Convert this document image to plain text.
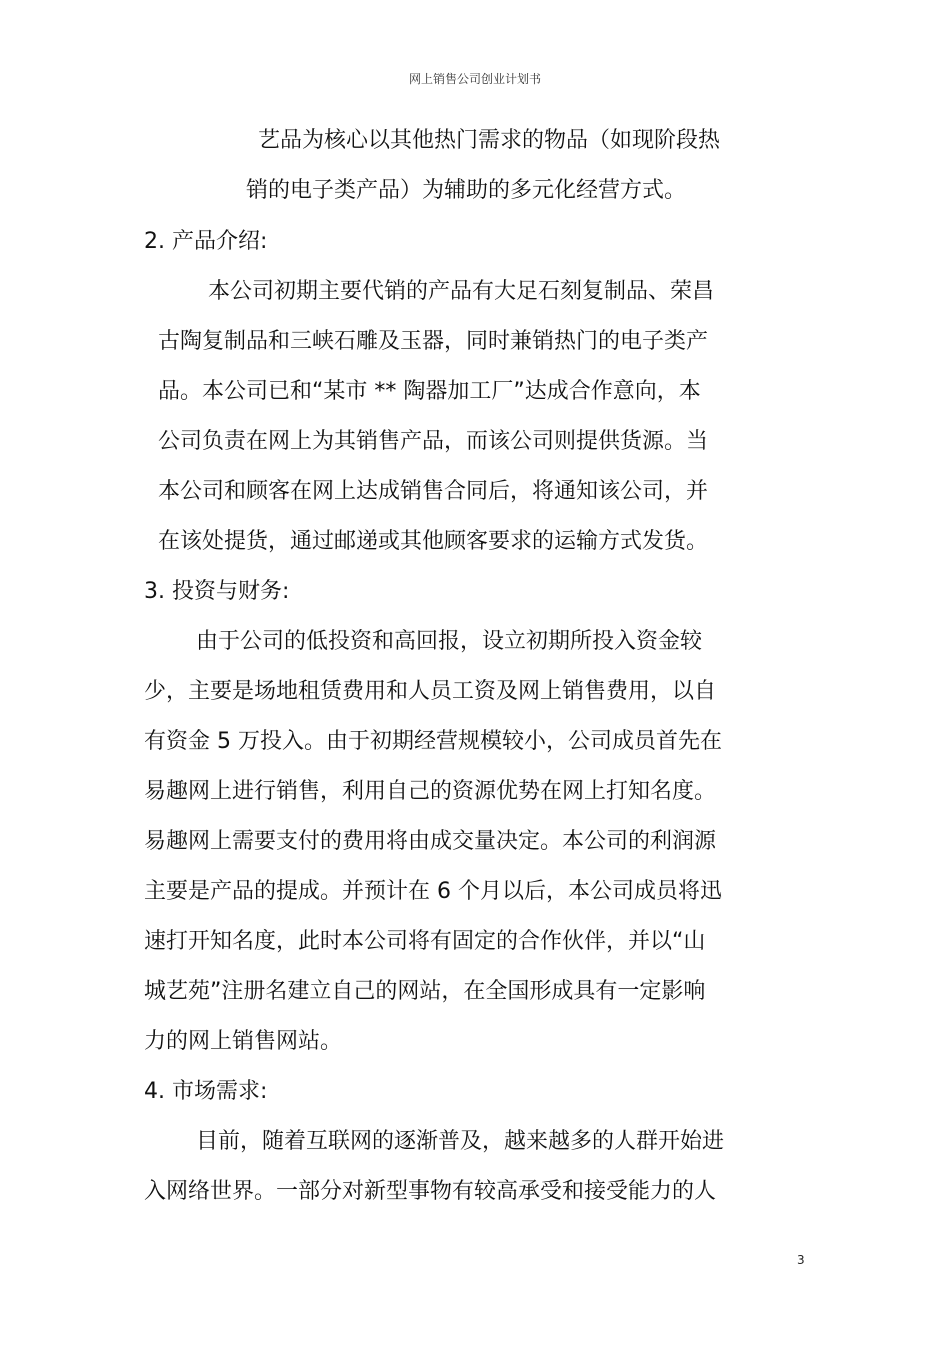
网上销售公司创业计划书
艺品为核心以其他热门需求的物品（如现阶段热
销的电子类产品）为辅助的多元化经营方式。
2. 产品介绍:
本公司初期主要代销的产品有大足石刻复制品、荣昌
古陶复制品和三峡石雕及玉器，同时兼销热门的电子类产
品。本公司已和“某市 ** 陶器加工厂”达成合作意向，本
公司负责在网上为其销售产品，而该公司则提供货源。当
本公司和顾客在网上达成销售合同后，将通知该公司，并
在该处提货，通过邮递或其他顾客要求的运输方式发货。
3. 投资与财务:
由于公司的低投资和高回报，设立初期所投入资金较
少，主要是场地租赁费用和人员工资及网上销售费用，以自
有资金 5 万投入。由于初期经营规模较小，公司成员首先在
易趣网上进行销售，利用自己的资源优势在网上打知名度。
易趣网上需要支付的费用将由成交量决定。本公司的利润源
主要是产品的提成。并预计在 6 个月以后，本公司成员将迅
速打开知名度，此时本公司将有固定的合作伙伴，并以“山
城艺苑”注册名建立自己的网站，在全国形成具有一定影响
力的网上销售网站。
4. 市场需求:
目前，随着互联网的逐渐普及，越来越多的人群开始进
入网络世界。一部分对新型事物有较高承受和接受能力的人
3
